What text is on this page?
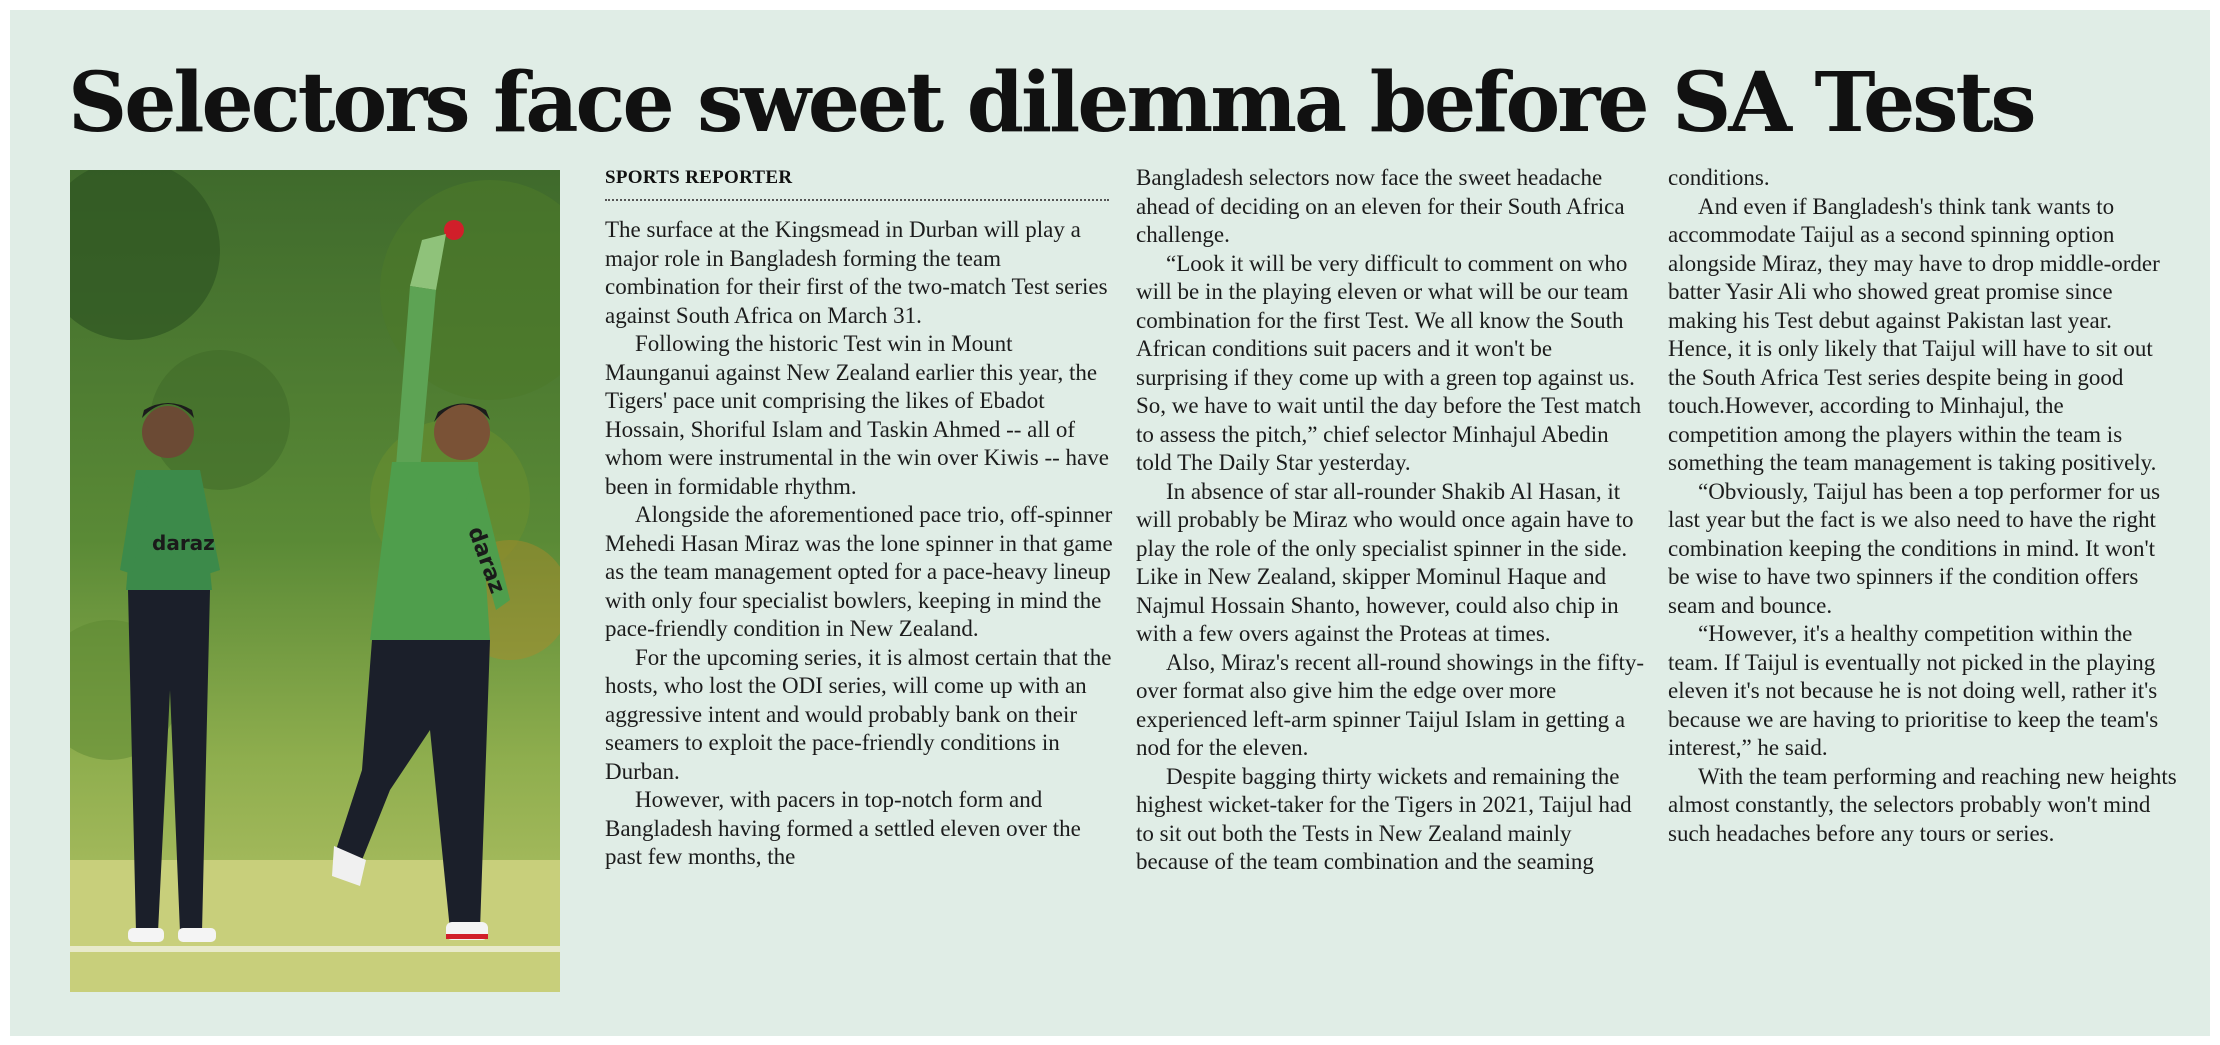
Selectors face sweet dilemma before SA Tests
daraz	daraz
SPORTS REPORTER

The surface at the Kingsmead in Durban will play a major role in Bangladesh forming the team combination for their first of the two-match Test series against South Africa on March 31.

Following the historic Test win in Mount Maunganui against New Zealand earlier this year, the Tigers' pace unit comprising the likes of Ebadot Hossain, Shoriful Islam and Taskin Ahmed -- all of whom were instrumental in the win over Kiwis -- have been in formidable rhythm.

Alongside the aforementioned pace trio, off-spinner Mehedi Hasan Miraz was the lone spinner in that game as the team management opted for a pace-heavy lineup with only four specialist bowlers, keeping in mind the pace-friendly condition in New Zealand.

For the upcoming series, it is almost certain that the hosts, who lost the ODI series, will come up with an aggressive intent and would probably bank on their seamers to exploit the pace-friendly conditions in Durban.

However, with pacers in top-notch form and Bangladesh having formed a settled eleven over the past few months, the

Bangladesh selectors now face the sweet headache ahead of deciding on an eleven for their South Africa challenge.

“Look it will be very difficult to comment on who will be in the playing eleven or what will be our team combination for the first Test. We all know the South African conditions suit pacers and it won't be surprising if they come up with a green top against us. So, we have to wait until the day before the Test match to assess the pitch,” chief selector Minhajul Abedin told The Daily Star yesterday.

In absence of star all-rounder Shakib Al Hasan, it will probably be Miraz who would once again have to play the role of the only specialist spinner in the side. Like in New Zealand, skipper Mominul Haque and Najmul Hossain Shanto, however, could also chip in with a few overs against the Proteas at times.

Also, Miraz's recent all-round showings in the fifty-over format also give him the edge over more experienced left-arm spinner Taijul Islam in getting a nod for the eleven.

Despite bagging thirty wickets and remaining the highest wicket-taker for the Tigers in 2021, Taijul had to sit out both the Tests in New Zealand mainly because of the team combination and the seaming

conditions.

And even if Bangladesh's think tank wants to accommodate Taijul as a second spinning option alongside Miraz, they may have to drop middle-order batter Yasir Ali who showed great promise since making his Test debut against Pakistan last year. Hence, it is only likely that Taijul will have to sit out the South Africa Test series despite being in good touch.However, according to Minhajul, the competition among the players within the team is something the team management is taking positively.

“Obviously, Taijul has been a top performer for us last year but the fact is we also need to have the right combination keeping the conditions in mind. It won't be wise to have two spinners if the condition offers seam and bounce.

“However, it's a healthy competition within the team. If Taijul is eventually not picked in the playing eleven it's not because he is not doing well, rather it's because we are having to prioritise to keep the team's interest,” he said.

With the team performing and reaching new heights almost constantly, the selectors probably won't mind such headaches before any tours or series.
